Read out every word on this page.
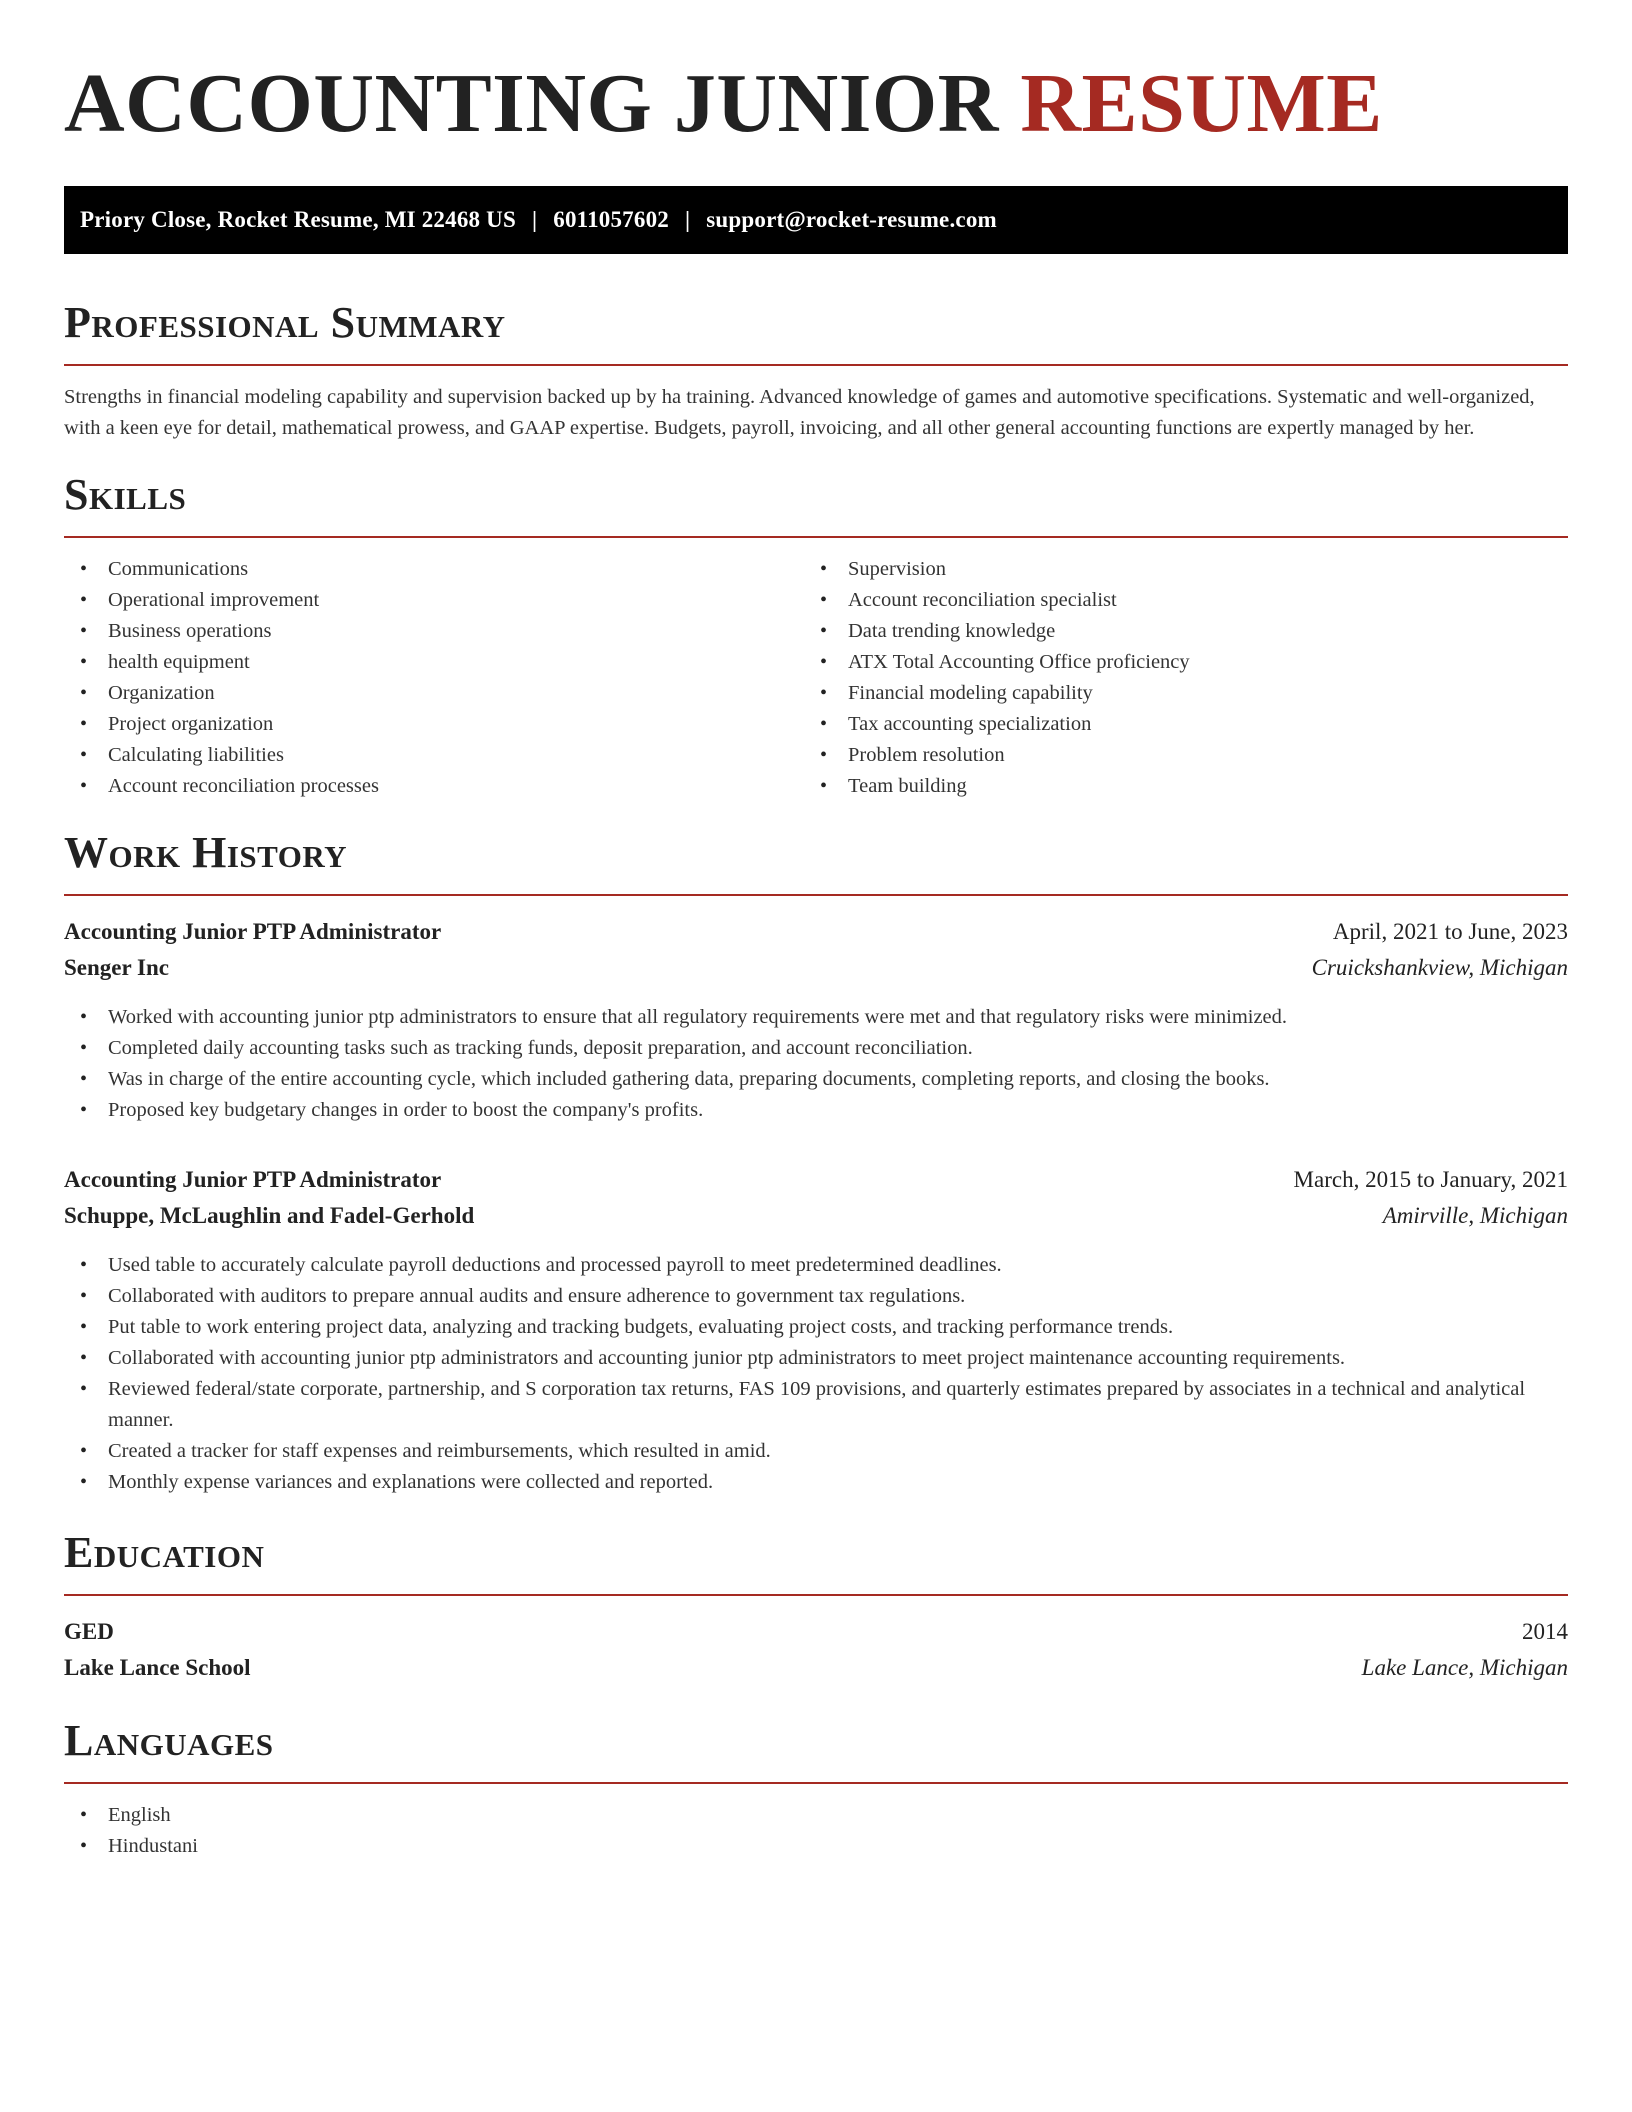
ACCOUNTING JUNIOR RESUME
Priory Close, Rocket Resume, MI 22468 US | 6011057602 | support@rocket-resume.com
Professional Summary

Strengths in financial modeling capability and supervision backed up by ha training. Advanced knowledge of games and automotive specifications. Systematic and well-organized, with a keen eye for detail, mathematical prowess, and GAAP expertise. Budgets, payroll, invoicing, and all other general accounting functions are expertly managed by her.

Skills
• Communications
• Operational improvement
• Business operations
• health equipment
• Organization
• Project organization
• Calculating liabilities
• Account reconciliation processes
• Supervision
• Account reconciliation specialist
• Data trending knowledge
• ATX Total Accounting Office proficiency
• Financial modeling capability
• Tax accounting specialization
• Problem resolution
• Team building
Work History
Accounting Junior PTP Administrator	April, 2021 to June, 2023
Senger Inc	Cruickshankview, Michigan
• Worked with accounting junior ptp administrators to ensure that all regulatory requirements were met and that regulatory risks were minimized.
• Completed daily accounting tasks such as tracking funds, deposit preparation, and account reconciliation.
• Was in charge of the entire accounting cycle, which included gathering data, preparing documents, completing reports, and closing the books.
• Proposed key budgetary changes in order to boost the company's profits.
Accounting Junior PTP Administrator	March, 2015 to January, 2021
Schuppe, McLaughlin and Fadel-Gerhold	Amirville, Michigan
• Used table to accurately calculate payroll deductions and processed payroll to meet predetermined deadlines.
• Collaborated with auditors to prepare annual audits and ensure adherence to government tax regulations.
• Put table to work entering project data, analyzing and tracking budgets, evaluating project costs, and tracking performance trends.
• Collaborated with accounting junior ptp administrators and accounting junior ptp administrators to meet project maintenance accounting requirements.
• Reviewed federal/state corporate, partnership, and S corporation tax returns, FAS 109 provisions, and quarterly estimates prepared by associates in a technical and analytical manner.
• Created a tracker for staff expenses and reimbursements, which resulted in amid.
• Monthly expense variances and explanations were collected and reported.
Education
GED	2014
Lake Lance School	Lake Lance, Michigan
Languages
• English
• Hindustani
